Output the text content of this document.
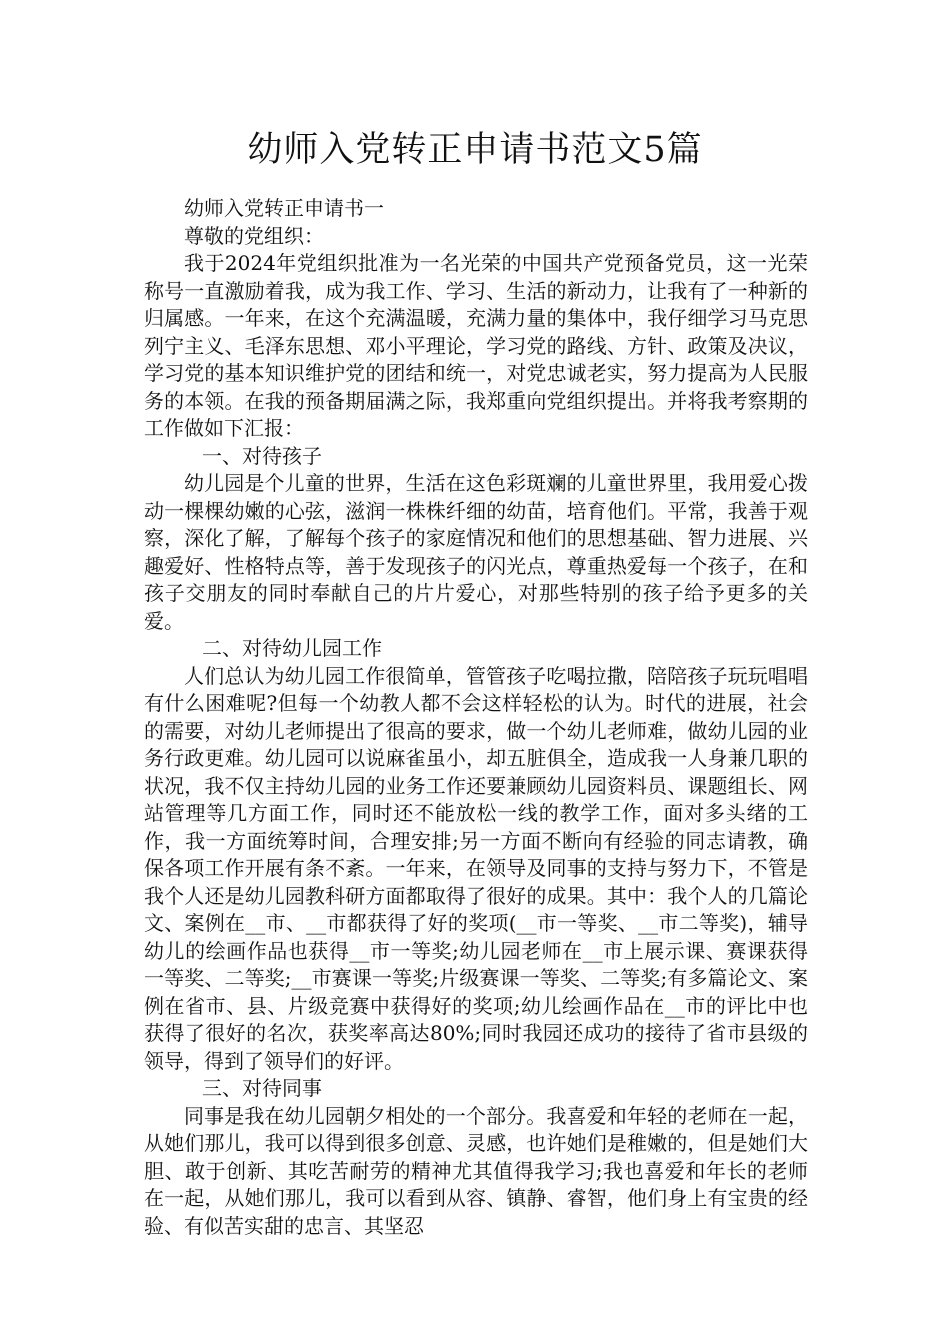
幼师入党转正申请书范文5篇

幼师入党转正申请书一

尊敬的党组织：

我于2024年党组织批准为一名光荣的中国共产党预备党员，这一光荣称号一直激励着我，成为我工作、学习、生活的新动力，让我有了一种新的归属感。一年来，在这个充满温暖，充满力量的集体中，我仔细学习马克思列宁主义、毛泽东思想、邓小平理论，学习党的路线、方针、政策及决议，学习党的基本知识维护党的团结和统一，对党忠诚老实，努力提高为人民服务的本领。在我的预备期届满之际，我郑重向党组织提出。并将我考察期的工作做如下汇报：

一、对待孩子

幼儿园是个儿童的世界，生活在这色彩斑斓的儿童世界里，我用爱心拨动一棵棵幼嫩的心弦，滋润一株株纤细的幼苗，培育他们。平常，我善于观察，深化了解，了解每个孩子的家庭情况和他们的思想基础、智力进展、兴趣爱好、性格特点等，善于发现孩子的闪光点，尊重热爱每一个孩子，在和孩子交朋友的同时奉献自己的片片爱心，对那些特别的孩子给予更多的关爱。

二、对待幼儿园工作

人们总认为幼儿园工作很简单，管管孩子吃喝拉撒，陪陪孩子玩玩唱唱有什么困难呢?但每一个幼教人都不会这样轻松的认为。时代的进展，社会的需要，对幼儿老师提出了很高的要求，做一个幼儿老师难，做幼儿园的业务行政更难。幼儿园可以说麻雀虽小，却五脏俱全，造成我一人身兼几职的状况，我不仅主持幼儿园的业务工作还要兼顾幼儿园资料员、课题组长、网站管理等几方面工作，同时还不能放松一线的教学工作，面对多头绪的工作，我一方面统筹时间，合理安排;另一方面不断向有经验的同志请教，确保各项工作开展有条不紊。一年来，在领导及同事的支持与努力下，不管是我个人还是幼儿园教科研方面都取得了很好的成果。其中：我个人的几篇论文、案例在__市、__市都获得了好的奖项(__市一等奖、__市二等奖)，辅导幼儿的绘画作品也获得__市一等奖;幼儿园老师在__市上展示课、赛课获得一等奖、二等奖;__市赛课一等奖;片级赛课一等奖、二等奖;有多篇论文、案例在省市、县、片级竞赛中获得好的奖项;幼儿绘画作品在__市的评比中也获得了很好的名次，获奖率高达80%;同时我园还成功的接待了省市县级的领导，得到了领导们的好评。

三、对待同事

同事是我在幼儿园朝夕相处的一个部分。我喜爱和年轻的老师在一起，从她们那儿，我可以得到很多创意、灵感，也许她们是稚嫩的，但是她们大胆、敢于创新、其吃苦耐劳的精神尤其值得我学习;我也喜爱和年长的老师在一起，从她们那儿，我可以看到从容、镇静、睿智，他们身上有宝贵的经验、有似苦实甜的忠言、其坚忍
